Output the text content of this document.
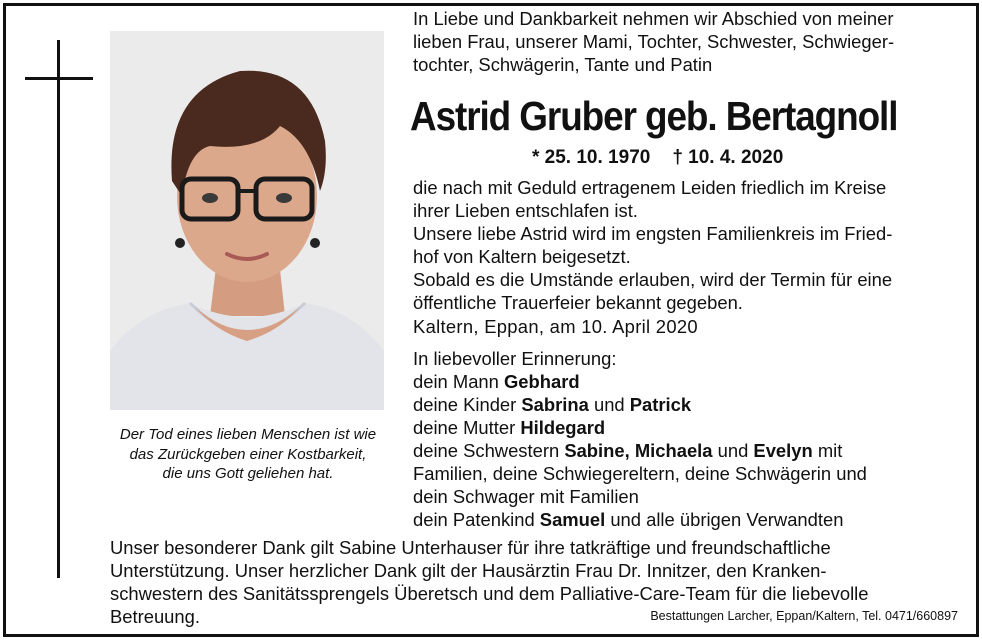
Der Tod eines lieben Menschen ist wie
das Zurückgeben einer Kostbarkeit,
die uns Gott geliehen hat.
In Liebe und Dankbarkeit nehmen wir Abschied von meiner
lieben Frau, unserer Mami, Tochter, Schwester, Schwieger-
tochter, Schwägerin, Tante und Patin
Astrid Gruber geb. Bertagnoll
* 25. 10. 1970 † 10. 4. 2020
die nach mit Geduld ertragenem Leiden friedlich im Kreise
ihrer Lieben entschlafen ist.
Unsere liebe Astrid wird im engsten Familienkreis im Fried-
hof von Kaltern beigesetzt.
Sobald es die Umstände erlauben, wird der Termin für eine
öffentliche Trauerfeier bekannt gegeben.
Kaltern, Eppan, am 10. April 2020
In liebevoller Erinnerung:
dein Mann Gebhard
deine Kinder Sabrina und Patrick
deine Mutter Hildegard
deine Schwestern Sabine, Michaela und Evelyn mit
Familien, deine Schwiegereltern, deine Schwägerin und
dein Schwager mit Familien
dein Patenkind Samuel und alle übrigen Verwandten
Unser besonderer Dank gilt Sabine Unterhauser für ihre tatkräftige und freundschaftliche
Unterstützung. Unser herzlicher Dank gilt der Hausärztin Frau Dr. Innitzer, den Kranken-
schwestern des Sanitätssprengels Überetsch und dem Palliative-Care-Team für die liebevolle
Betreuung.	Bestattungen Larcher, Eppan/Kaltern, Tel. 0471/660897
